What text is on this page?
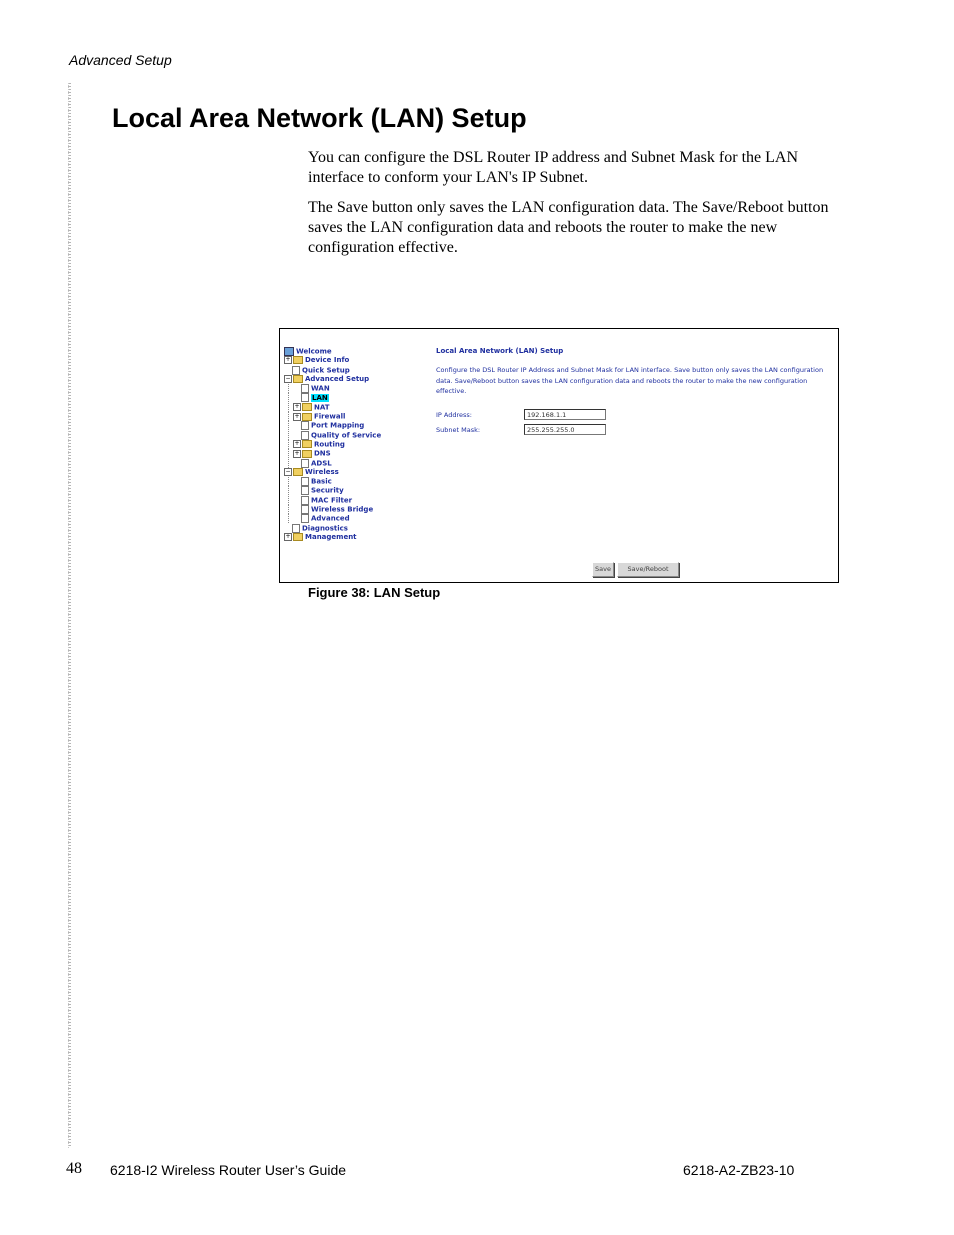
Advanced Setup
Local Area Network (LAN) Setup

You can configure the DSL Router IP address and Subnet Mask for the LAN interface to conform your LAN's IP Subnet.

The Save button only saves the LAN configuration data. The Save/Reboot button saves the LAN configuration data and reboots the router to make the new configuration effective.

Welcome
+ Device Info
Quick Setup
− Advanced Setup
WAN
LAN
+ NAT
+ Firewall
Port Mapping
Quality of Service
+ Routing
+ DNS
ADSL
− Wireless
Basic
Security
MAC Filter
Wireless Bridge
Advanced
Diagnostics
+ Management
Local Area Network (LAN) Setup
Configure the DSL Router IP Address and Subnet Mask for LAN interface. Save button only saves the LAN configuration data. Save/Reboot button saves the LAN configuration data and reboots the router to make the new configuration effective.
IP Address:	192.168.1.1
Subnet Mask:	255.255.255.0
Save	Save/Reboot
Figure 38: LAN Setup
48 6218-I2 Wireless Router User’s Guide	6218-A2-ZB23-10
